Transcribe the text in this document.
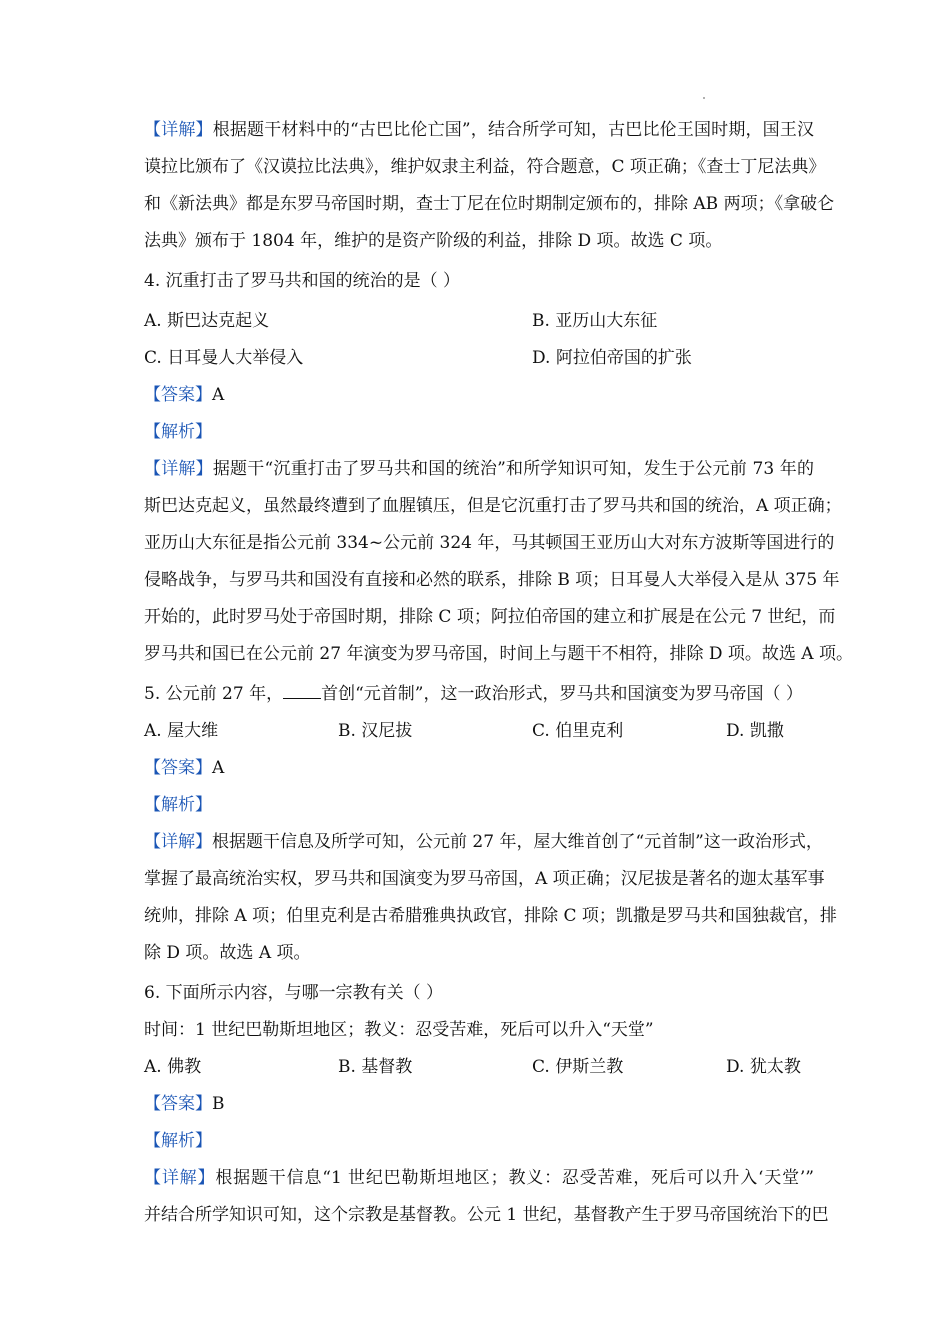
【详解】根据题干材料中的“古巴比伦亡国”，结合所学可知，古巴比伦王国时期，国王汉
谟拉比颁布了《汉谟拉比法典》，维护奴隶主利益，符合题意，C 项正确；《查士丁尼法典》
和《新法典》都是东罗马帝国时期，查士丁尼在位时期制定颁布的，排除 AB 两项；《拿破仑
法典》颁布于 1804 年，维护的是资产阶级的利益，排除 D 项。故选 C 项。
4. 沉重打击了罗马共和国的统治的是（ ）
A. 斯巴达克起义	B. 亚历山大东征
C. 日耳曼人大举侵入	D. 阿拉伯帝国的扩张
【答案】A
【解析】
【详解】据题干“沉重打击了罗马共和国的统治”和所学知识可知，发生于公元前 73 年的
斯巴达克起义，虽然最终遭到了血腥镇压，但是它沉重打击了罗马共和国的统治，A 项正确；
亚历山大东征是指公元前 334~公元前 324 年，马其顿国王亚历山大对东方波斯等国进行的
侵略战争，与罗马共和国没有直接和必然的联系，排除 B 项；日耳曼人大举侵入是从 375 年
开始的，此时罗马处于帝国时期，排除 C 项；阿拉伯帝国的建立和扩展是在公元 7 世纪，而
罗马共和国已在公元前 27 年演变为罗马帝国，时间上与题干不相符，排除 D 项。故选 A 项。
5. 公元前 27 年， 首创“元首制”，这一政治形式，罗马共和国演变为罗马帝国（ ）
A. 屋大维	B. 汉尼拔	C. 伯里克利	D. 凯撒
【答案】A
【解析】
【详解】根据题干信息及所学可知，公元前 27 年，屋大维首创了“元首制”这一政治形式，
掌握了最高统治实权，罗马共和国演变为罗马帝国，A 项正确；汉尼拔是著名的迦太基军事
统帅，排除 A 项；伯里克利是古希腊雅典执政官，排除 C 项；凯撒是罗马共和国独裁官，排
除 D 项。故选 A 项。
6. 下面所示内容，与哪一宗教有关（ ）
时间：1 世纪巴勒斯坦地区；教义：忍受苦难，死后可以升入“天堂”
A. 佛教	B. 基督教	C. 伊斯兰教	D. 犹太教
【答案】B
【解析】
【详解】根据题干信息“1 世纪巴勒斯坦地区；教义：忍受苦难，死后可以升入‘天堂’”
并结合所学知识可知，这个宗教是基督教。公元 1 世纪，基督教产生于罗马帝国统治下的巴
